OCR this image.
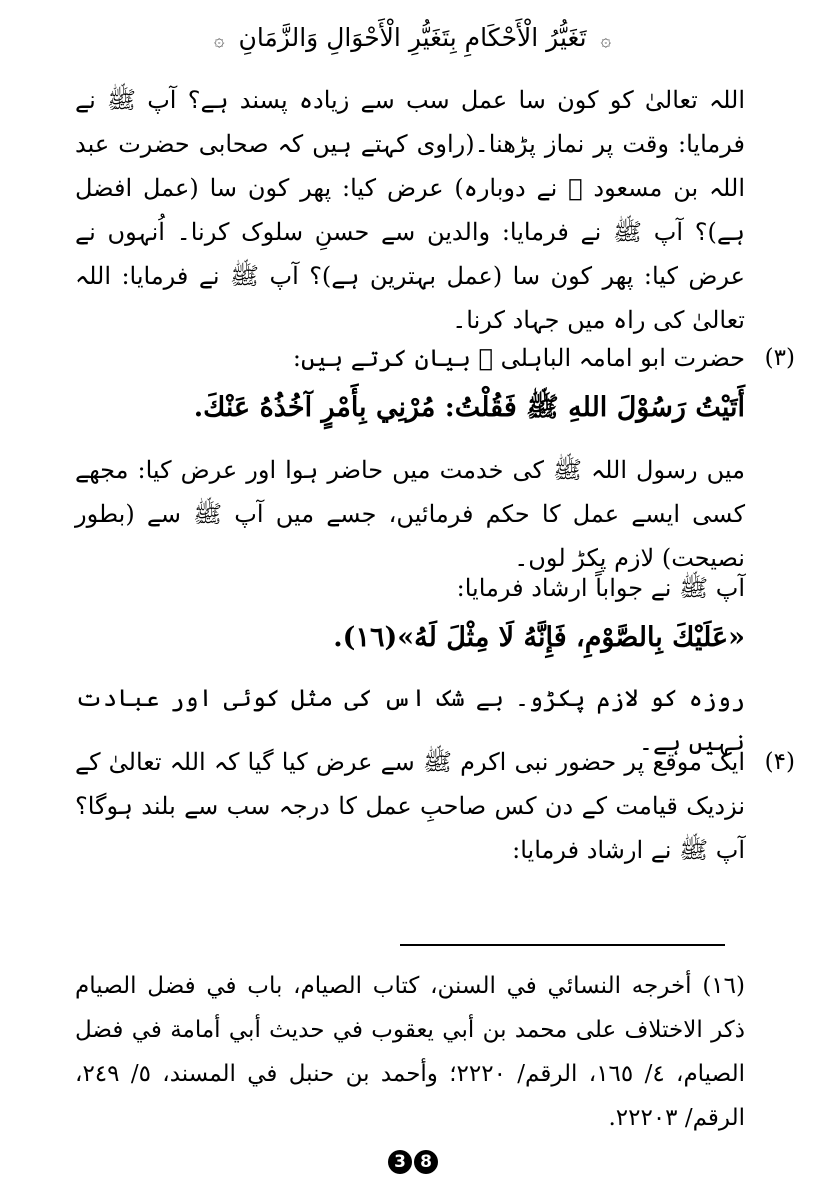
۞ تَغَیُّرُ الْأَحْكَامِ بِتَغَیُّرِ الْأَحْوَالِ وَالزَّمَانِ ۞
اللہ تعالیٰ کو کون سا عمل سب سے زیادہ پسند ہے؟ آپ ﷺ نے فرمایا: وقت پر نماز پڑھنا۔(راوی کہتے ہیں کہ صحابی حضرت عبد اللہ بن مسعود ﷛ نے دوبارہ) عرض کیا: پھر کون سا (عمل افضل ہے)؟ آپ ﷺ نے فرمایا: والدین سے حسنِ سلوک کرنا۔ اُنہوں نے عرض کیا: پھر کون سا (عمل بہترین ہے)؟ آپ ﷺ نے فرمایا: اللہ تعالیٰ کی راہ میں جہاد کرنا۔
(۳)
حضرت ابو امامہ الباہلی ﷛ بیان کرتے ہیں:
أَتَيْتُ رَسُوْلَ اللهِ ﷺ فَقُلْتُ: مُرْنِي بِأَمْرٍ آخُذُهُ عَنْكَ.
میں رسول اللہ ﷺ کی خدمت میں حاضر ہوا اور عرض کیا: مجھے کسی ایسے عمل کا حکم فرمائیں، جسے میں آپ ﷺ سے (بطور نصیحت) لازم پکڑ لوں۔
آپ ﷺ نے جواباً ارشاد فرمایا:
«عَلَيْكَ بِالصَّوْمِ، فَإِنَّهُ لَا مِثْلَ لَهُ»(١٦).
روزہ کو لازم پکڑو۔ بے شک اس کی مثل کوئی اور عبادت نہیں ہے۔
(۴)
ایک موقع پر حضور نبی اکرم ﷺ سے عرض کیا گیا کہ اللہ تعالیٰ کے نزدیک قیامت کے دن کس صاحبِ عمل کا درجہ سب سے بلند ہوگا؟ آپ ﷺ نے ارشاد فرمایا:
(١٦) أخرجه النسائي في السنن، كتاب الصيام، باب في فضل الصيام ذكر الاختلاف على محمد بن أبي يعقوب في حديث أبي أمامة في فضل الصيام، ٤/ ١٦٥، الرقم/ ٢٢٢٠؛ وأحمد بن حنبل في المسند، ٥/ ٢٤٩، الرقم/ ٢٢٢٠٣.
3 8
